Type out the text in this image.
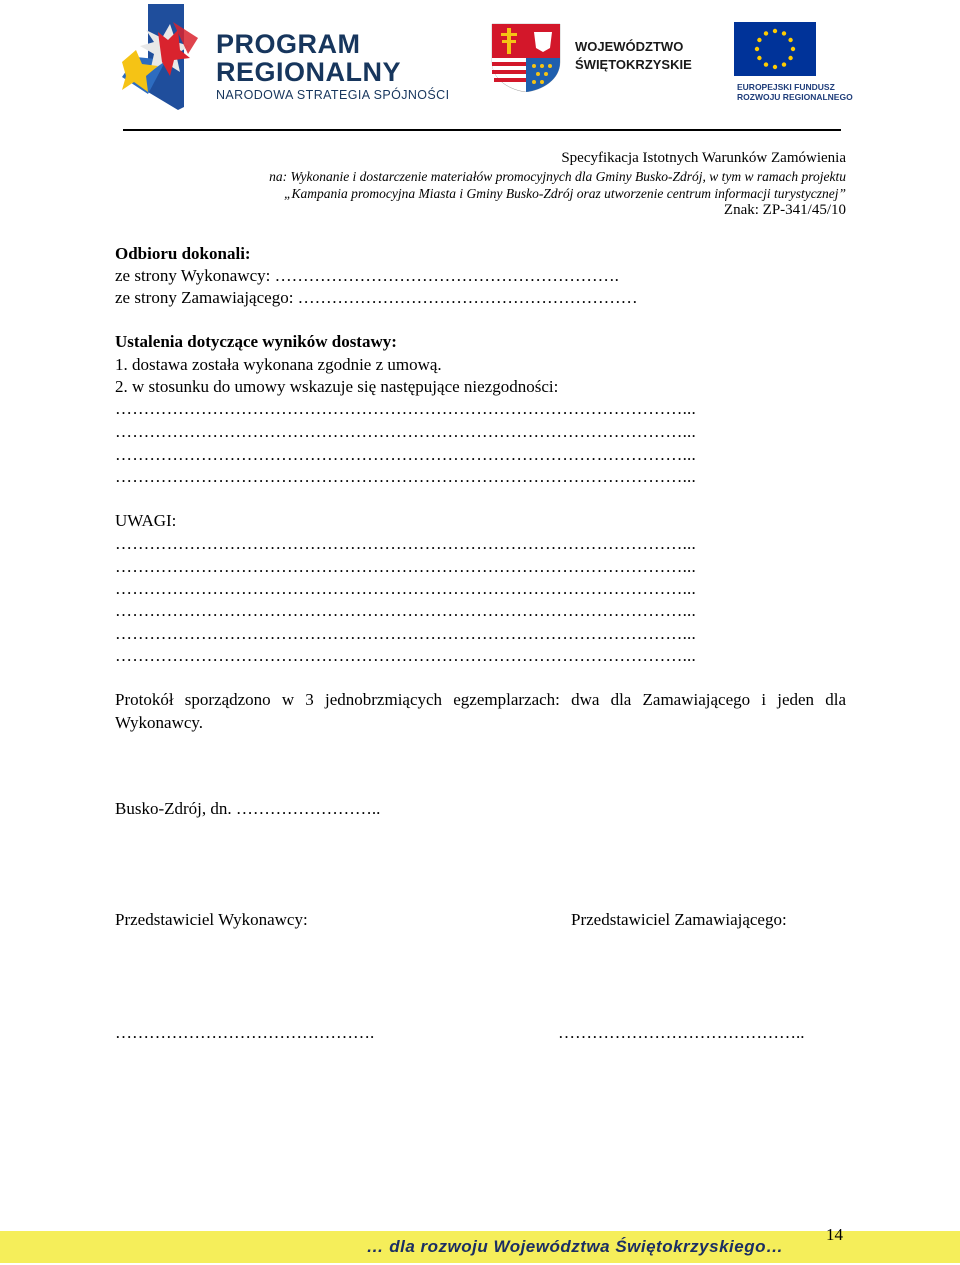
PROGRAM
REGIONALNY
NARODOWA STRATEGIA SPÓJNOŚCI
WOJEWÓDZTWO
ŚWIĘTOKRZYSKIE
EUROPEJSKI FUNDUSZ
ROZWOJU REGIONALNEGO
Specyfikacja Istotnych Warunków Zamówienia
na: Wykonanie i dostarczenie materiałów promocyjnych dla Gminy Busko-Zdrój, w tym w ramach projektu
„Kampania promocyjna Miasta i Gminy Busko-Zdrój oraz utworzenie centrum informacji turystycznej”
Znak: ZP-341/45/10
Odbioru dokonali:
ze strony Wykonawcy: …………………………………………………….
ze strony Zamawiającego: ……………………………………………………
Ustalenia dotyczące wyników dostawy:
1. dostawa została wykonana zgodnie z umową.
2. w stosunku do umowy wskazuje się następujące niezgodności:
………………………………………………………………………………………...
………………………………………………………………………………………...
………………………………………………………………………………………...
………………………………………………………………………………………...
UWAGI:
………………………………………………………………………………………...
………………………………………………………………………………………...
………………………………………………………………………………………...
………………………………………………………………………………………...
………………………………………………………………………………………...
………………………………………………………………………………………...
Protokół sporządzono w 3 jednobrzmiących egzemplarzach: dwa dla Zamawiającego i jeden dla Wykonawcy.
Busko-Zdrój, dn. ……………………..
Przedstawiciel Wykonawcy:	Przedstawiciel Zamawiającego:
……………………………………….	……………………………………..
… dla rozwoju Województwa Świętokrzyskiego…
14
